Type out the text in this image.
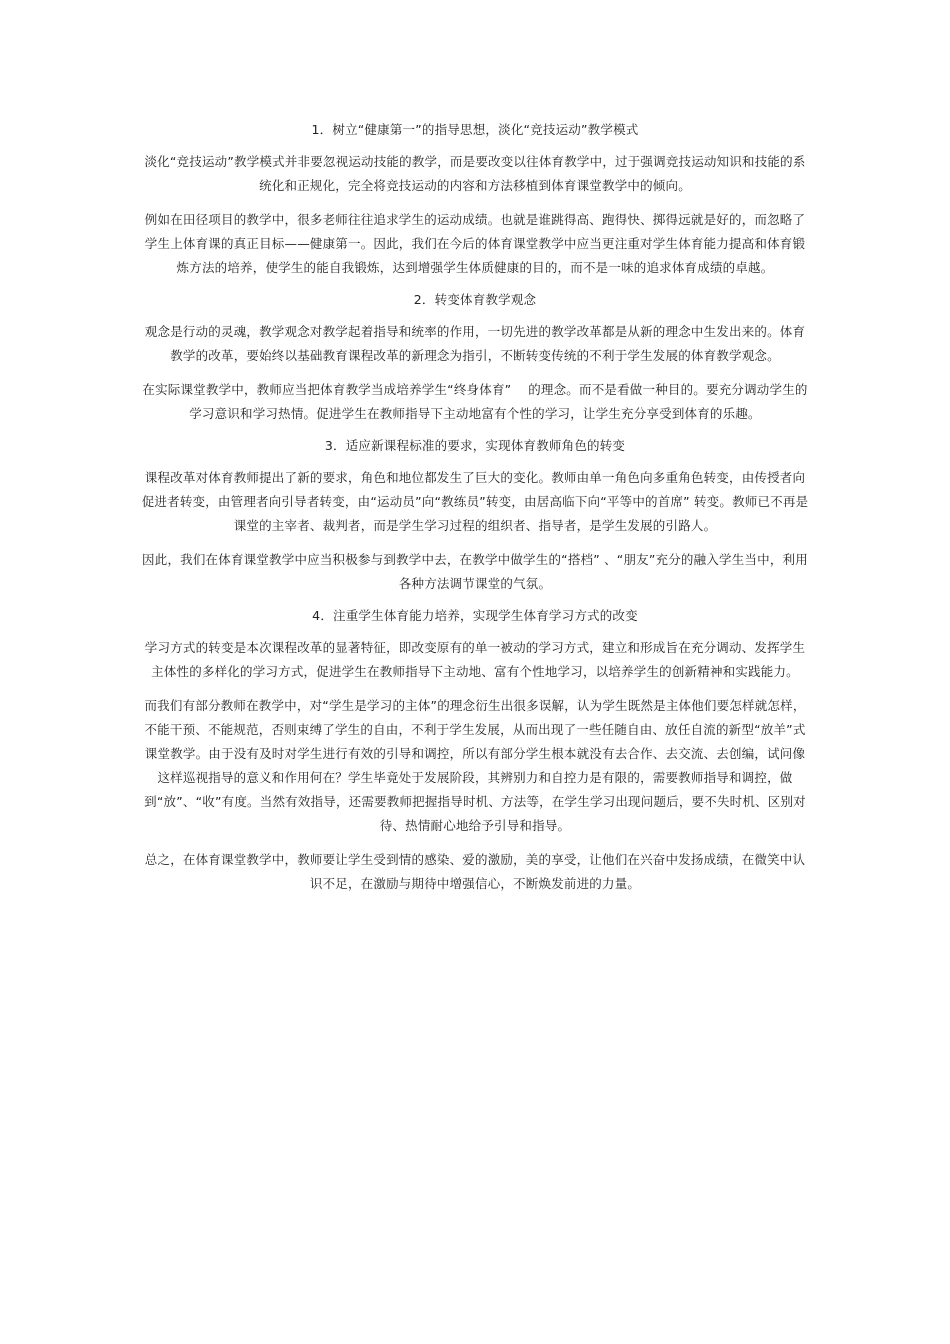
1．树立“健康第一”的指导思想，淡化“竞技运动”教学模式

淡化“竞技运动”教学模式并非要忽视运动技能的教学，而是要改变以往体育教学中，过于强调竞技运动知识和技能的系统化和正规化，完全将竞技运动的内容和方法移植到体育课堂教学中的倾向。

例如在田径项目的教学中，很多老师往往追求学生的运动成绩。也就是谁跳得高、跑得快、掷得远就是好的，而忽略了学生上体育课的真正目标——健康第一。因此，我们在今后的体育课堂教学中应当更注重对学生体育能力提高和体育锻炼方法的培养，使学生的能自我锻炼，达到增强学生体质健康的目的，而不是一味的追求体育成绩的卓越。

2．转变体育教学观念

观念是行动的灵魂，教学观念对教学起着指导和统率的作用，一切先进的教学改革都是从新的理念中生发出来的。体育教学的改革，要始终以基础教育课程改革的新理念为指引，不断转变传统的不利于学生发展的体育教学观念。

在实际课堂教学中，教师应当把体育教学当成培养学生“终身体育”　 的理念。而不是看做一种目的。要充分调动学生的学习意识和学习热情。促进学生在教师指导下主动地富有个性的学习，让学生充分享受到体育的乐趣。

3．适应新课程标准的要求，实现体育教师角色的转变

课程改革对体育教师提出了新的要求，角色和地位都发生了巨大的变化。教师由单一角色向多重角色转变，由传授者向促进者转变，由管理者向引导者转变，由“运动员”向“教练员”转变，由居高临下向“平等中的首席” 转变。教师已不再是课堂的主宰者、裁判者，而是学生学习过程的组织者、指导者，是学生发展的引路人。

因此，我们在体育课堂教学中应当积极参与到教学中去，在教学中做学生的“搭档” 、“朋友”充分的融入学生当中，利用各种方法调节课堂的气氛。

4．注重学生体育能力培养，实现学生体育学习方式的改变

学习方式的转变是本次课程改革的显著特征，即改变原有的单一被动的学习方式，建立和形成旨在充分调动、发挥学生主体性的多样化的学习方式，促进学生在教师指导下主动地、富有个性地学习，以培养学生的创新精神和实践能力。

而我们有部分教师在教学中，对“学生是学习的主体”的理念衍生出很多误解，认为学生既然是主体他们要怎样就怎样，不能干预、不能规范，否则束缚了学生的自由，不利于学生发展，从而出现了一些任随自由、放任自流的新型“放羊”式课堂教学。由于没有及时对学生进行有效的引导和调控，所以有部分学生根本就没有去合作、去交流、去创编，试问像这样巡视指导的意义和作用何在？学生毕竟处于发展阶段，其辨别力和自控力是有限的，需要教师指导和调控，做到“放”、“收”有度。当然有效指导，还需要教师把握指导时机、方法等，在学生学习出现问题后，要不失时机、区别对待、热情耐心地给予引导和指导。

总之，在体育课堂教学中，教师要让学生受到情的感染、爱的激励，美的享受，让他们在兴奋中发扬成绩，在微笑中认识不足，在激励与期待中增强信心，不断焕发前进的力量。
